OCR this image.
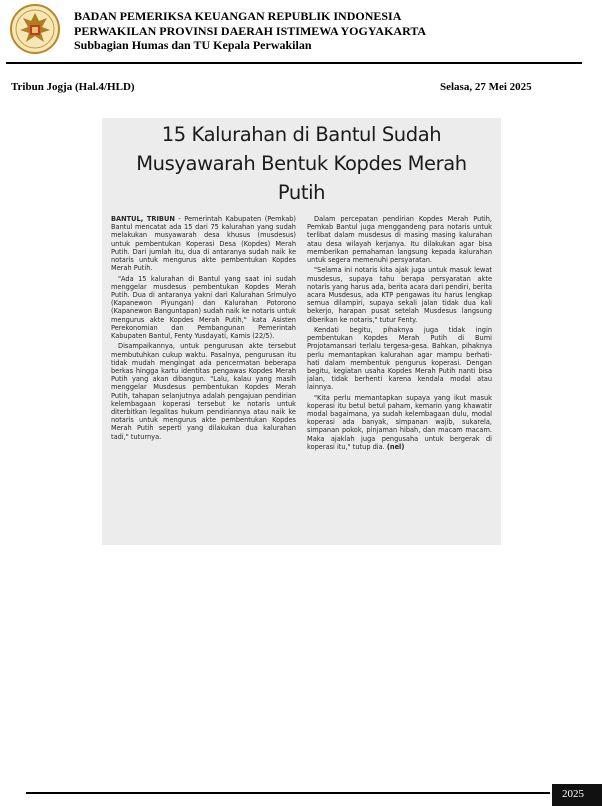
BADAN PEMERIKSA KEUANGAN REPUBLIK INDONESIA
PERWAKILAN PROVINSI DAERAH ISTIMEWA YOGYAKARTA
Subbagian Humas dan TU Kepala Perwakilan
Tribun Jogja (Hal.4/HLD)	Selasa, 27 Mei 2025
15 Kalurahan di Bantul Sudah
Musyawarah Bentuk Kopdes Merah Putih

BANTUL, TRIBUN - Pemerintah Kabupaten (Pemkab) Bantul mencatat ada 15 dari 75 kalurahan yang sudah melakukan musyawarah desa khusus (musdesus) untuk pembentukan Koperasi Desa (Kopdes) Merah Putih. Dari jumlah itu, dua di antaranya sudah naik ke notaris untuk mengurus akte pembentukan Kopdes Merah Putih.

"Ada 15 kalurahan di Bantul yang saat ini sudah menggelar musdesus pembentukan Kopdes Merah Putih. Dua di antaranya yakni dari Kalurahan Srimulyo (Kapanewon Piyungan) dan Kalurahan Potorono (Kapanewon Banguntapan) sudah naik ke notaris untuk mengurus akte Kopdes Merah Putih," kata Asisten Perekonomian dan Pembangunan Pemerintah Kabupaten Bantul, Fenty Yusdayati, Kamis (22/5).

Disampaikannya, untuk pengurusan akte tersebut membutuhkan cukup waktu. Pasalnya, pengurusan itu tidak mudah mengingat ada pencermatan beberapa berkas hingga kartu identitas pengawas Kopdes Merah Putih yang akan dibangun. "Lalu, kalau yang masih menggelar Musdesus pembentukan Kopdes Merah Putih, tahapan selanjutnya adalah pengajuan pendirian kelembagaan koperasi tersebut ke notaris untuk diterbitkan legalitas hukum pendiriannya atau naik ke notaris untuk mengurus akte pembentukan Kopdes Merah Putih seperti yang dilakukan dua kalurahan tadi," tuturnya.

Dalam percepatan pendirian Kopdes Merah Putih, Pemkab Bantul juga menggandeng para notaris untuk terlibat dalam musdesus di masing masing kalurahan atau desa wilayah kerjanya. Itu dilakukan agar bisa memberikan pemahaman langsung kepada kalurahan untuk segera memenuhi persyaratan.

"Selama ini notaris kita ajak juga untuk masuk lewat musdesus, supaya tahu berapa persyaratan akte notaris yang harus ada, berita acara dari pendiri, berita acara Musdesus, ada KTP pengawas itu harus lengkap semua dilampiri, supaya sekali jalan tidak dua kali bekerjo, harapan pusat setelah Musdesus langsung diberikan ke notaris," tutur Fenty.

Kendati begitu, pihaknya juga tidak ingin pembentukan Kopdes Merah Putih di Bumi Projotamansari terlalu tergesa-gesa. Bahkan, pihaknya perlu memantapkan kalurahan agar mampu berhati-hati dalam membentuk pengurus koperasi. Dengan begitu, kegiatan usaha Kopdes Merah Putih nanti bisa jalan, tidak berhenti karena kendala modal atau lainnya.

"Kita perlu memantapkan supaya yang ikut masuk koperasi itu betul betul paham, kemarin yang khawatir modal bagaimana, ya sudah kelembagaan dulu, modal koperasi ada banyak, simpanan wajib, sukarela, simpanan pokok, pinjaman hibah, dan macam macam. Maka ajaklah juga pengusaha untuk bergerak di koperasi itu," tutup dia. (nel)

2025
